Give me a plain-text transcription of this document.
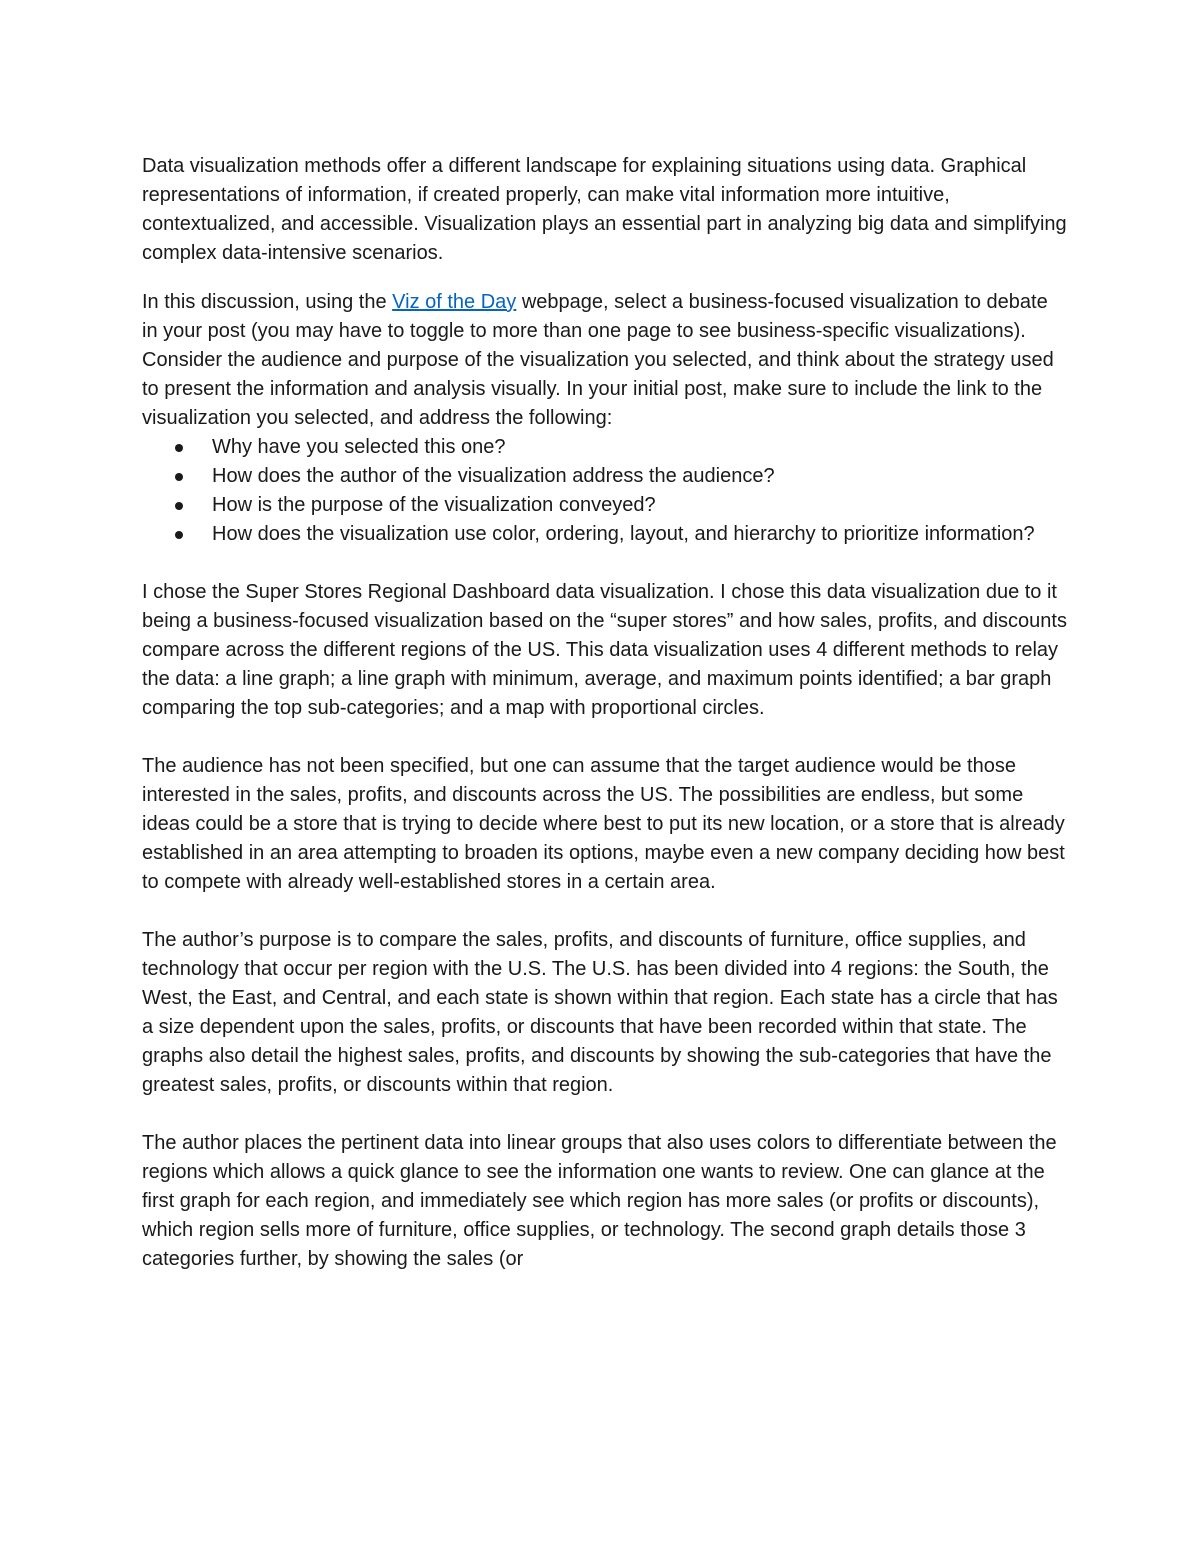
Data visualization methods offer a different landscape for explaining situations using data. Graphical representations of information, if created properly, can make vital information more intuitive, contextualized, and accessible. Visualization plays an essential part in analyzing big data and simplifying complex data-intensive scenarios.

In this discussion, using the Viz of the Day webpage, select a business-focused visualization to debate in your post (you may have to toggle to more than one page to see business-specific visualizations). Consider the audience and purpose of the visualization you selected, and think about the strategy used to present the information and analysis visually. In your initial post, make sure to include the link to the visualization you selected, and address the following:

Why have you selected this one?
How does the author of the visualization address the audience?
How is the purpose of the visualization conveyed?
How does the visualization use color, ordering, layout, and hierarchy to prioritize information?

I chose the Super Stores Regional Dashboard data visualization. I chose this data visualization due to it being a business-focused visualization based on the “super stores” and how sales, profits, and discounts compare across the different regions of the US. This data visualization uses 4 different methods to relay the data: a line graph; a line graph with minimum, average, and maximum points identified; a bar graph comparing the top sub-categories; and a map with proportional circles.

The audience has not been specified, but one can assume that the target audience would be those interested in the sales, profits, and discounts across the US. The possibilities are endless, but some ideas could be a store that is trying to decide where best to put its new location, or a store that is already established in an area attempting to broaden its options, maybe even a new company deciding how best to compete with already well-established stores in a certain area.

The author’s purpose is to compare the sales, profits, and discounts of furniture, office supplies, and technology that occur per region with the U.S. The U.S. has been divided into 4 regions: the South, the West, the East, and Central, and each state is shown within that region. Each state has a circle that has a size dependent upon the sales, profits, or discounts that have been recorded within that state. The graphs also detail the highest sales, profits, and discounts by showing the sub-categories that have the greatest sales, profits, or discounts within that region.

The author places the pertinent data into linear groups that also uses colors to differentiate between the regions which allows a quick glance to see the information one wants to review. One can glance at the first graph for each region, and immediately see which region has more sales (or profits or discounts), which region sells more of furniture, office supplies, or technology. The second graph details those 3 categories further, by showing the sales (or
